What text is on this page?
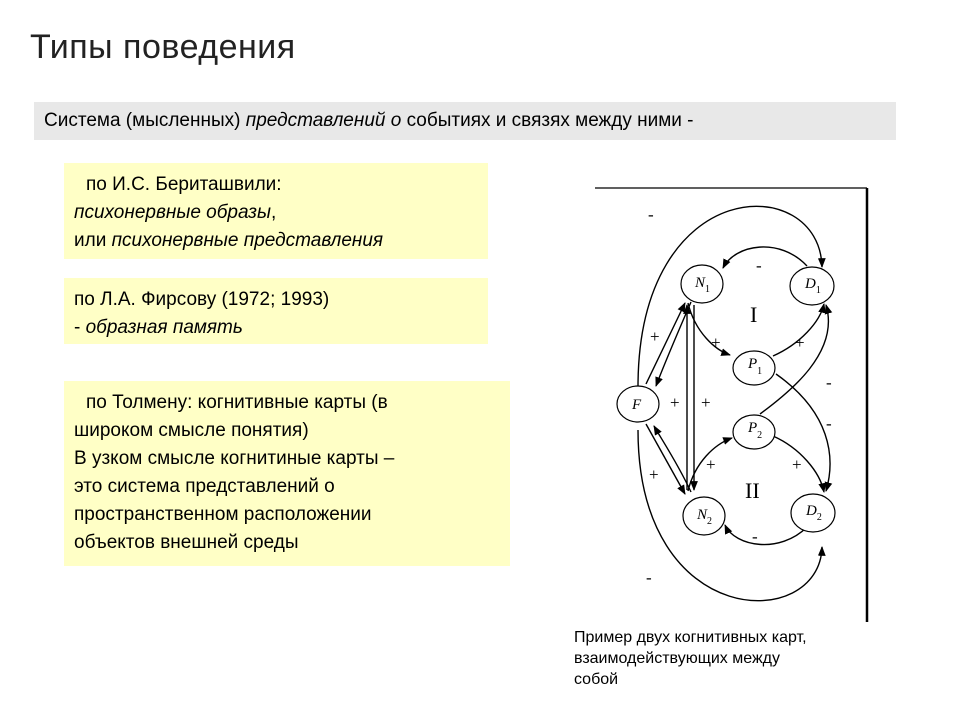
Типы поведения
Система (мысленных) представлений о событиях и связях между ними -
по И.С. Бериташвили:
психонервные образы,
или психонервные представления
по Л.А. Фирсову (1972; 1993)
- образная память
по Толмену: когнитивные карты (в
широком смысле понятия)
В узком смысле когнитиные карты –
это система представлений о
пространственном расположении
объектов внешней среды
F
$N_1$	$D_1$
$P_1$
$P_2$
$N_2$
$D_2$
I
II
-
-
-
-
-
-
+	+	+
+ +
+	+
+
Пример двух когнитивных карт,
взаимодействующих между
собой
